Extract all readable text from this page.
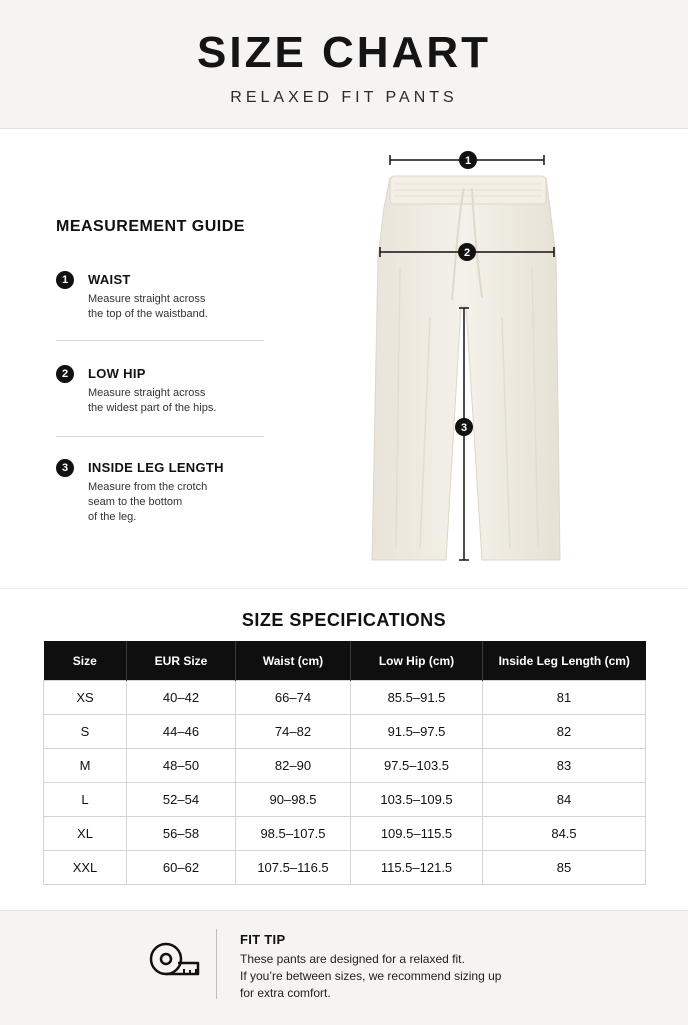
SIZE CHART
RELAXED FIT PANTS
MEASUREMENT GUIDE
1	WAIST
Measure straight across
the top of the waistband.
2	LOW HIP
Measure straight across
the widest part of the hips.
3	INSIDE LEG LENGTH
Measure from the crotch
seam to the bottom
of the leg.
1
2
3
SIZE SPECIFICATIONS
Size	EUR Size	Waist (cm)	Low Hip (cm)	Inside Leg Length (cm)
XS	40–42	66–74	85.5–91.5	81
S	44–46	74–82	91.5–97.5	82
M	48–50	82–90	97.5–103.5	83
L	52–54	90–98.5	103.5–109.5	84
XL	56–58	98.5–107.5	109.5–115.5	84.5
XXL	60–62	107.5–116.5	115.5–121.5	85
FIT TIP
These pants are designed for a relaxed fit.
If you’re between sizes, we recommend sizing up
for extra comfort.
